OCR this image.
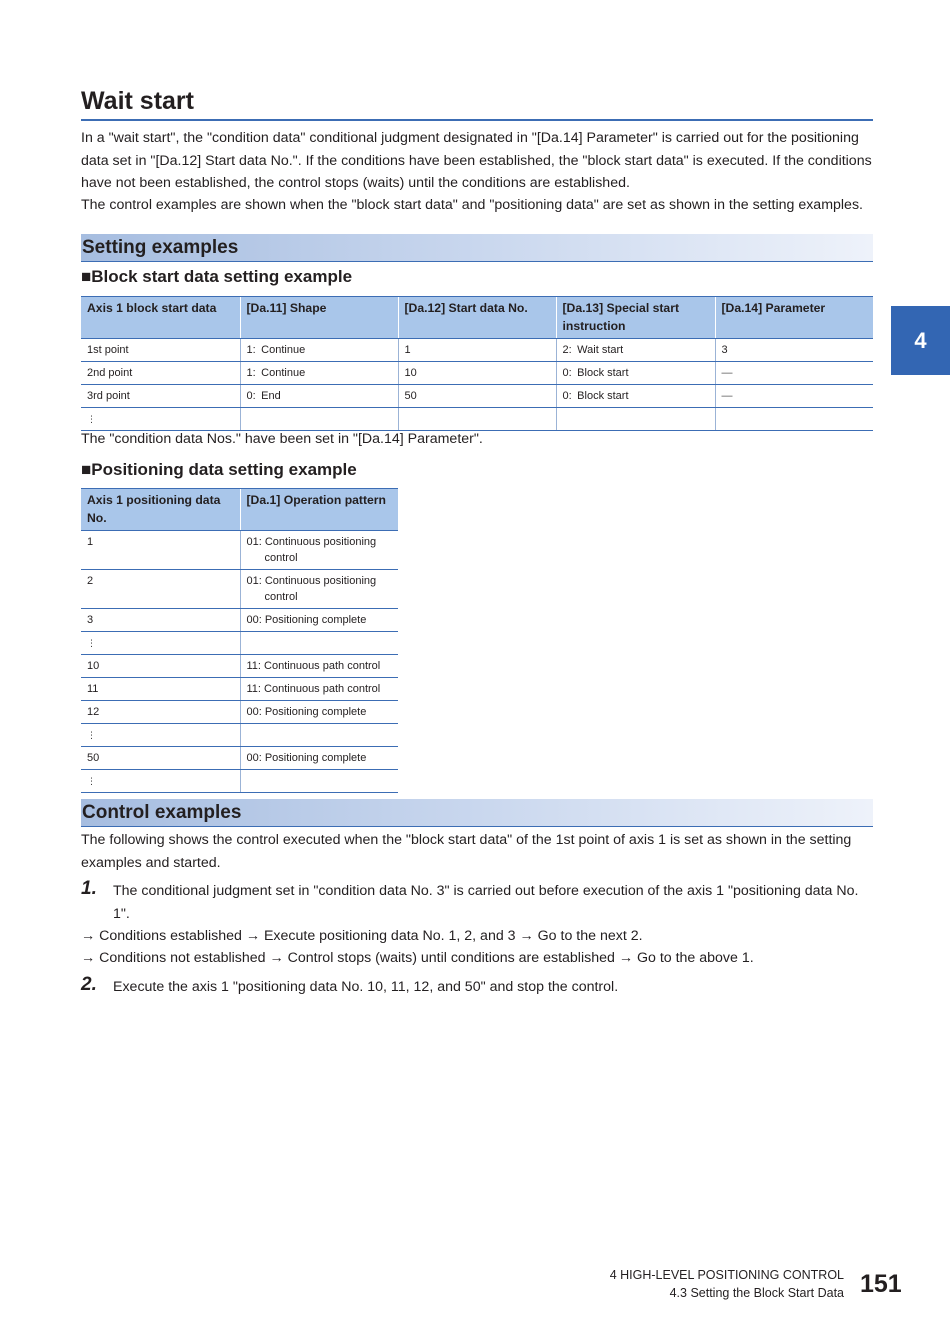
Wait start

In a "wait start", the "condition data" conditional judgment designated in "[Da.14] Parameter" is carried out for the positioning data set in "[Da.12] Start data No.". If the conditions have been established, the "block start data" is executed. If the conditions have not been established, the control stops (waits) until the conditions are established.

The control examples are shown when the "block start data" and "positioning data" are set as shown in the setting examples.

Setting examples
■Block start data setting example
Axis 1 block start data	[Da.11] Shape	[Da.12] Start data No.	[Da.13] Special start instruction	[Da.14] Parameter
1st point	1: Continue	1	2: Wait start	3
2nd point	1: Continue	10	0: Block start	—
3rd point	0: End	50	0: Block start	—
⋮				

The "condition data Nos." have been set in "[Da.14] Parameter".

■Positioning data setting example
Axis 1 positioning data No.	[Da.1] Operation pattern
1	01: Continuous positioning control
2	01: Continuous positioning control
3	00: Positioning complete
⋮	
10	11: Continuous path control
11	11: Continuous path control
12	00: Positioning complete
⋮	
50	00: Positioning complete
⋮	
Control examples

The following shows the control executed when the "block start data" of the 1st point of axis 1 is set as shown in the setting examples and started.

1. The conditional judgment set in "condition data No. 3" is carried out before execution of the axis 1 "positioning data No. 1".

→ Conditions established → Execute positioning data No. 1, 2, and 3 → Go to the next 2.

→ Conditions not established → Control stops (waits) until conditions are established → Go to the above 1.

2. Execute the axis 1 "positioning data No. 10, 11, 12, and 50" and stop the control.

4
4 HIGH-LEVEL POSITIONING CONTROL
4.3 Setting the Block Start Data 151
